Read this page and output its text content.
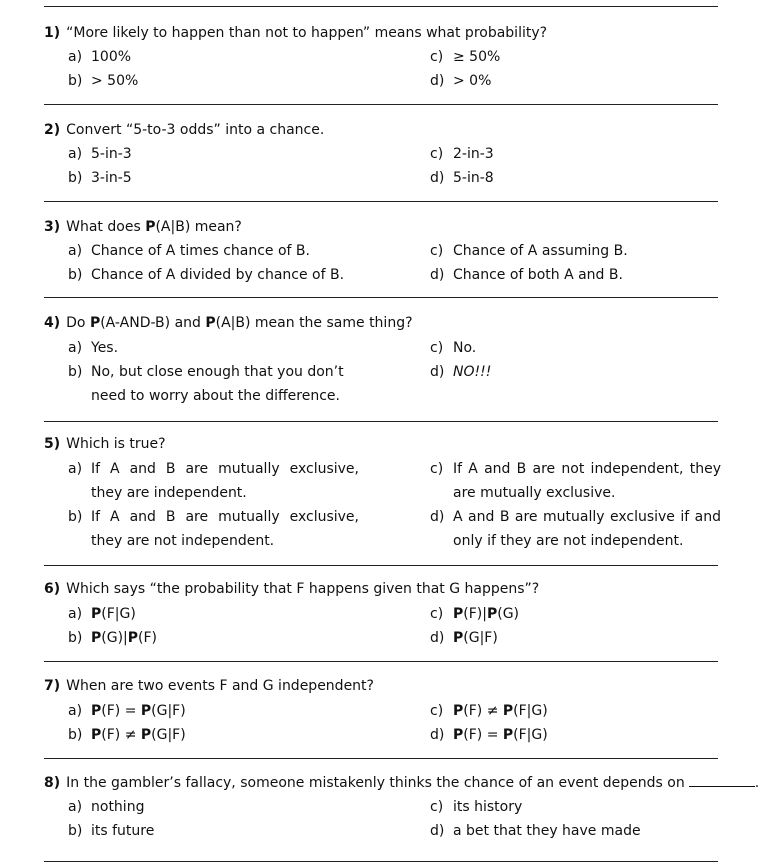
1) “More likely to happen than not to happen” means what probability?
a) 100%
b) > 50%
c) ≥ 50%
d) > 0%
2) Convert “5-to-3 odds” into a chance.
a) 5-in-3
b) 3-in-5
c) 2-in-3
d) 5-in-8
3) What does P(A|B) mean?
a) Chance of A times chance of B.
b) Chance of A divided by chance of B.
c) Chance of A assuming B.
d) Chance of both A and B.
4) Do P(A-AND-B) and P(A|B) mean the same thing?
a) Yes.
b) No, but close enough that you don’t need to worry about the difference.
c) No.
d) NO!!!
5) Which is true?
a) If A and B are mutually exclusive, they are independent.
b) If A and B are mutually exclusive, they are not independent.
c) If A and B are not independent, they are mutually exclusive.
d) A and B are mutually exclusive if and only if they are not independent.
6) Which says “the probability that F happens given that G happens”?
a) P(F|G)
b) P(G)|P(F)
c) P(F)|P(G)
d) P(G|F)
7) When are two events F and G independent?
a) P(F) = P(G|F)
b) P(F) ≠ P(G|F)
c) P(F) ≠ P(F|G)
d) P(F) = P(F|G)
8) In the gambler’s fallacy, someone mistakenly thinks the chance of an event depends on	.
a) nothing
b) its future
c) its history
d) a bet that they have made
